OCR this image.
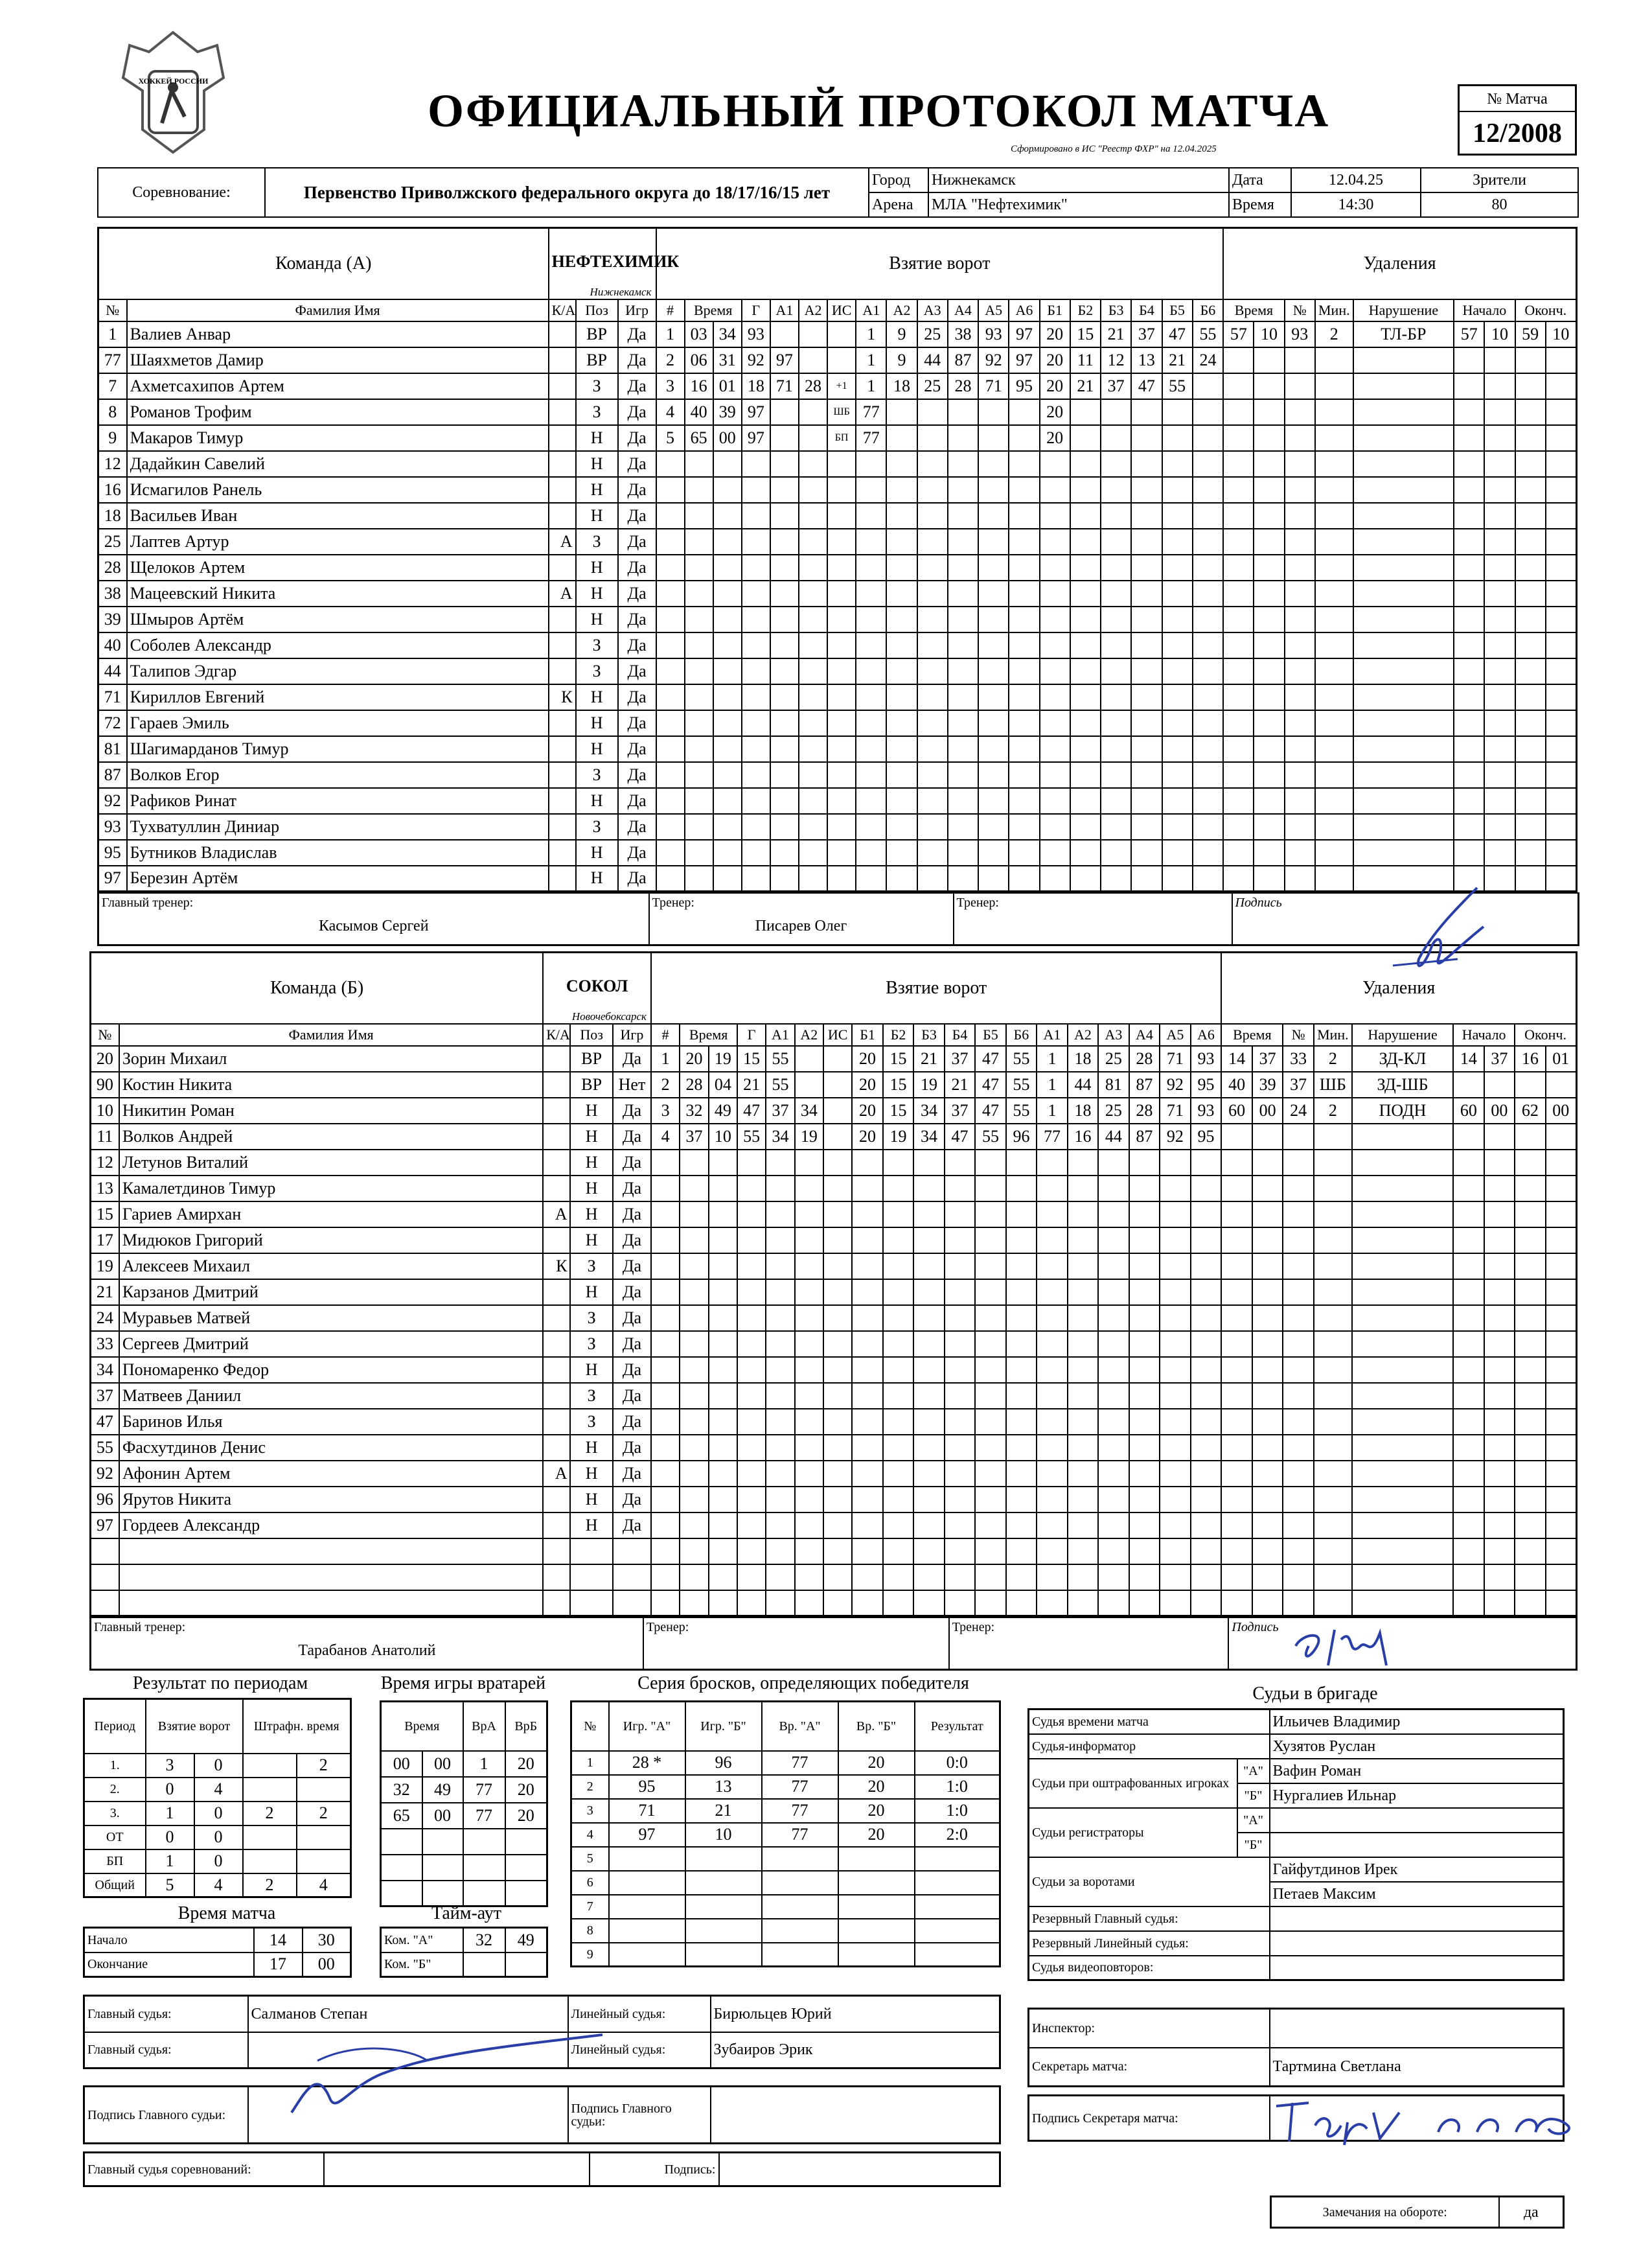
ХОККЕЙ РОССИИ
ОФИЦИАЛЬНЫЙ ПРОТОКОЛ МАТЧА
Сформировано в ИС "Реестр ФХР" на 12.04.2025
№ Матча
12/2008
Соревнование:	Первенство Приволжского федерального округа до 18/17/16/15 лет	Город	Нижнекамск	Дата	12.04.25	Зрители
		Арена	МЛА "Нефтехимик"	Время	14:30	80
Команда (А)		НЕФТЕХИМИК
Нижнекамск			Взятие ворот																			Удаления								
№	Фамилия Имя	К/А	Поз	Игр	#	Время		Г	А1	А2	ИС	А1	А2	А3	А4	А5	А6	Б1	Б2	Б3	Б4	Б5	Б6	Время		№	Мин.	Нарушение	Начало		Оконч.	
1	Валиев Анвар		ВР	Да	1	03	34	93				1	9	25	38	93	97	20	15	21	37	47	55	57	10	93	2	ТЛ-БР	57	10	59	10
77	Шаяхметов Дамир		ВР	Да	2	06	31	92	97			1	9	44	87	92	97	20	11	12	13	21	24									
7	Ахметсахипов Артем		З	Да	3	16	01	18	71	28	+1	1	18	25	28	71	95	20	21	37	47	55										
8	Романов Трофим		З	Да	4	40	39	97			ШБ	77						20														
9	Макаров Тимур		Н	Да	5	65	00	97			БП	77						20														
12	Дадайкин Савелий		Н	Да																												
16	Исмагилов Ранель		Н	Да																												
18	Васильев Иван		Н	Да																												
25	Лаптев Артур	А	З	Да																												
28	Щелоков Артем		Н	Да																												
38	Мацеевский Никита	А	Н	Да																												
39	Шмыров Артём		Н	Да																												
40	Соболев Александр		З	Да																												
44	Талипов Эдгар		З	Да																												
71	Кириллов Евгений	К	Н	Да																												
72	Гараев Эмиль		Н	Да																												
81	Шагимарданов Тимур		Н	Да																												
87	Волков Егор		З	Да																												
92	Рафиков Ринат		Н	Да																												
93	Тухватуллин Диниар		З	Да																												
95	Бутников Владислав		Н	Да																												
97	Березин Артём		Н	Да																												
Главный тренер:
Касымов Сергей

Тренер:
Писарев Олег

Тренер:	Подпись
Команда (Б)		СОКОЛ
Новочебоксарск			Взятие ворот																			Удаления								
№	Фамилия Имя	К/А	Поз	Игр	#	Время		Г	А1	А2	ИС	Б1	Б2	Б3	Б4	Б5	Б6	А1	А2	А3	А4	А5	А6	Время		№	Мин.	Нарушение	Начало		Оконч.	
20	Зорин Михаил		ВР	Да	1	20	19	15	55			20	15	21	37	47	55	1	18	25	28	71	93	14	37	33	2	ЗД-КЛ	14	37	16	01
90	Костин Никита		ВР	Нет	2	28	04	21	55			20	15	19	21	47	55	1	44	81	87	92	95	40	39	37	ШБ	ЗД-ШБ				
10	Никитин Роман		Н	Да	3	32	49	47	37	34		20	15	34	37	47	55	1	18	25	28	71	93	60	00	24	2	ПОДН	60	00	62	00
11	Волков Андрей		Н	Да	4	37	10	55	34	19		20	19	34	47	55	96	77	16	44	87	92	95									
12	Летунов Виталий		Н	Да																												
13	Камалетдинов Тимур		Н	Да																												
15	Гариев Амирхан	А	Н	Да																												
17	Мидюков Григорий		Н	Да																												
19	Алексеев Михаил	К	З	Да																												
21	Карзанов Дмитрий		Н	Да																												
24	Муравьев Матвей		З	Да																												
33	Сергеев Дмитрий		З	Да																												
34	Пономаренко Федор		Н	Да																												
37	Матвеев Даниил		З	Да																												
47	Баринов Илья		З	Да																												
55	Фасхутдинов Денис		Н	Да																												
92	Афонин Артем	А	Н	Да																												
96	Ярутов Никита		Н	Да																												
97	Гордеев Александр		Н	Да																												

Главный тренер:
Тарабанов Анатолий

Тренер:	Тренер:	Подпись
Результат по периодам
Период	Взятие ворот		Штрафн. время	
1.	3	0		2
2.	0	4		
3.	1	0	2	2
ОТ	0	0		
БП	1	0		
Общий	5	4	2	4
Время игры вратарей
Время		ВрА	ВрБ
00	00	1	20
32	49	77	20
65	00	77	20

Время матча
Начало	14	30
Окончание	17	00
Тайм-аут
Ком. "А"	32	49
Ком. "Б"		
Серия бросков, определяющих победителя
№	Игр. "А"	Игр. "Б"	Вр. "А"	Вр. "Б"	Результат
1	28 *	96	77	20	0:0
2	95	13	77	20	1:0
3	71	21	77	20	1:0
4	97	10	77	20	2:0
5					
6					
7					
8					
9					
Судьи в бригаде
Судья времени матча		Ильичев Владимир
Судья-информатор		Хузятов Руслан
Судьи при оштрафованных игроках	"А"	Вафин Роман
	"Б"	Нургалиев Ильнар
Судьи регистраторы	"А"	
	"Б"	
Судьи за воротами		Гайфутдинов Ирек
		Петаев Максим
Резервный Главный судья:		
Резервный Линейный судья:		
Судья видеоповторов:		
Главный судья:	Салманов Степан	Линейный судья:	Бирюльцев Юрий
Главный судья:		Линейный судья:	Зубаиров Эрик
Подпись Главного судьи:		Подпись Главного судьи:	
Главный судья соревнований:		Подпись:	
Инспектор:	
Секретарь матча:	Тартмина Светлана
Подпись Секретаря матча:	
Замечания на обороте:	да
